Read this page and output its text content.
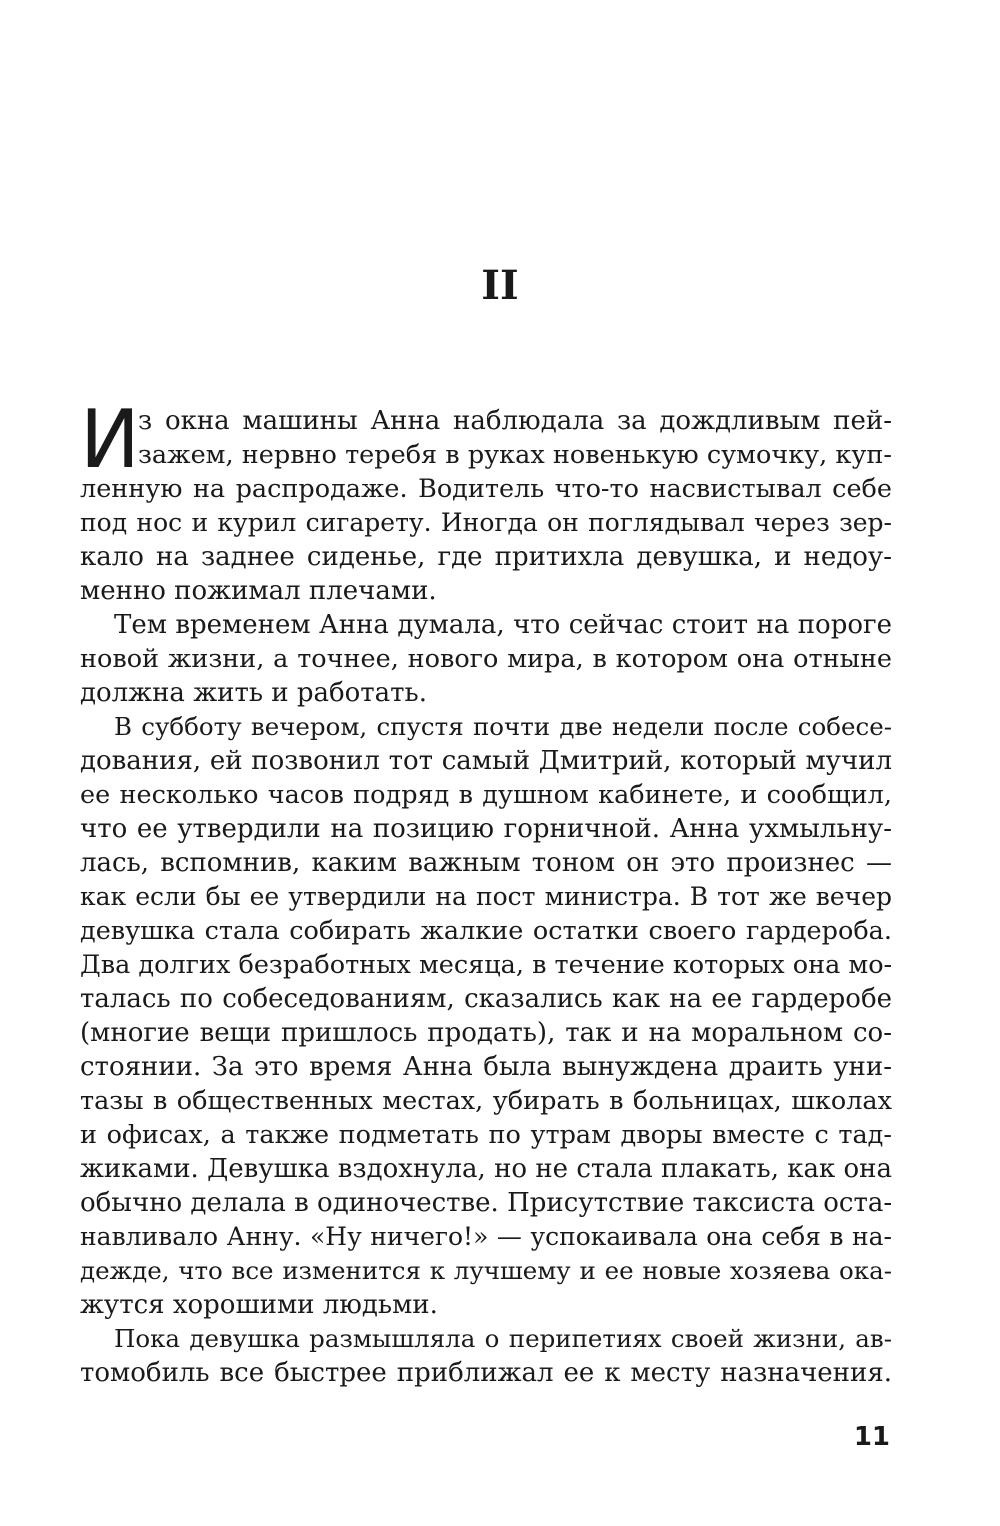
II
И
з окна машины Анна наблюдала за дождливым пей-
зажем, нервно теребя в руках новенькую сумочку, куп-
ленную на распродаже. Водитель что-то насвистывал себе
под нос и курил сигарету. Иногда он поглядывал через зер-
кало на заднее сиденье, где притихла девушка, и недоу-
менно пожимал плечами.
Тем временем Анна думала, что сейчас стоит на пороге
новой жизни, а точнее, нового мира, в котором она отныне
должна жить и работать.
В субботу вечером, спустя почти две недели после собесе-
дования, ей позвонил тот самый Дмитрий, который мучил
ее несколько часов подряд в душном кабинете, и сообщил,
что ее утвердили на позицию горничной. Анна ухмыльну-
лась, вспомнив, каким важным тоном он это произнес —
как если бы ее утвердили на пост министра. В тот же вечер
девушка стала собирать жалкие остатки своего гардероба.
Два долгих безработных месяца, в течение которых она мо-
талась по собеседованиям, сказались как на ее гардеробе
(многие вещи пришлось продать), так и на моральном со-
стоянии. За это время Анна была вынуждена драить уни-
тазы в общественных местах, убирать в больницах, школах
и офисах, а также подметать по утрам дворы вместе с тад-
жиками. Девушка вздохнула, но не стала плакать, как она
обычно делала в одиночестве. Присутствие таксиста оста-
навливало Анну. «Ну ничего!» — успокаивала она себя в на-
дежде, что все изменится к лучшему и ее новые хозяева ока-
жутся хорошими людьми.
Пока девушка размышляла о перипетиях своей жизни, ав-
томобиль все быстрее приближал ее к месту назначения.
11
